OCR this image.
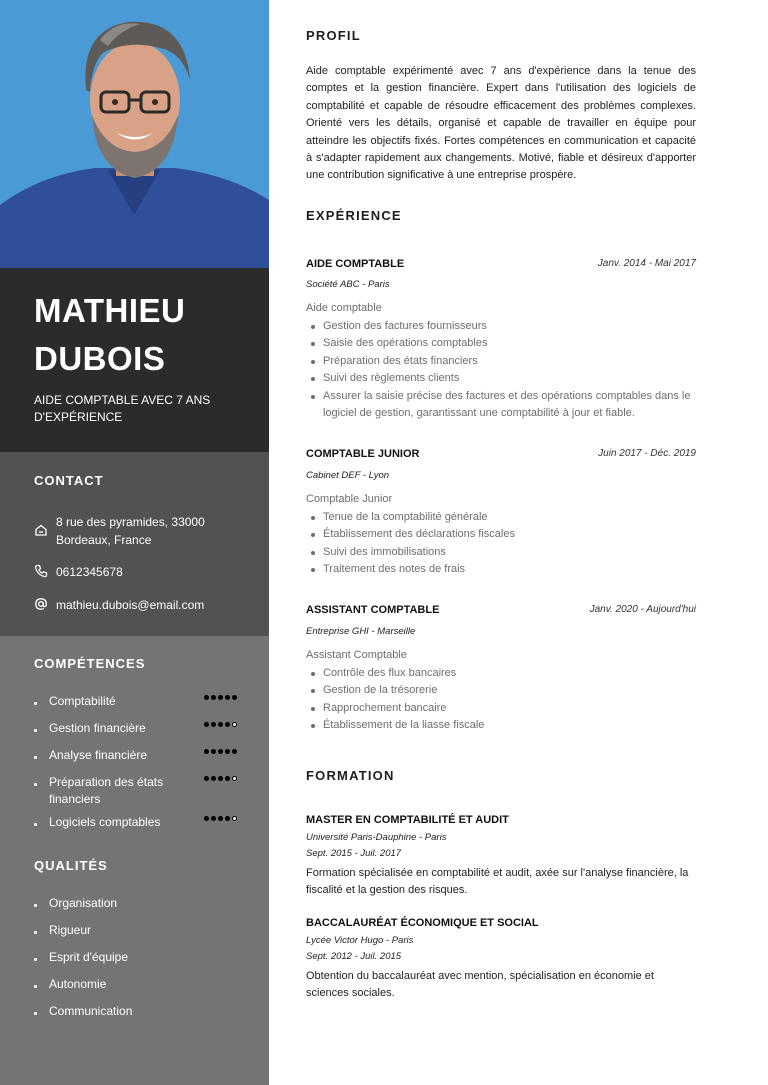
MATHIEU
DUBOIS
AIDE COMPTABLE AVEC 7 ANS D'EXPÉRIENCE
CONTACT
8 rue des pyramides, 33000 Bordeaux, France
0612345678
mathieu.dubois@email.com
COMPÉTENCES
Comptabilité
Gestion financière
Analyse financière
Préparation des états financiers
Logiciels comptables
QUALITÉS
Organisation
Rigueur
Esprit d'équipe
Autonomie
Communication
PROFIL
Aide comptable expérimenté avec 7 ans d'expérience dans la tenue des comptes et la gestion financière. Expert dans l'utilisation des logiciels de comptabilité et capable de résoudre efficacement des problèmes complexes. Orienté vers les détails, organisé et capable de travailler en équipe pour atteindre les objectifs fixés. Fortes compétences en communication et capacité à s'adapter rapidement aux changements. Motivé, fiable et désireux d'apporter une contribution significative à une entreprise prospère.
EXPÉRIENCE
AIDE COMPTABLE	Janv. 2014 - Mai 2017
Société ABC - Paris
Aide comptable
Gestion des factures fournisseurs
Saisie des opérations comptables
Préparation des états financiers
Suivi des règlements clients
Assurer la saisie précise des factures et des opérations comptables dans le logiciel de gestion, garantissant une comptabilité à jour et fiable.
COMPTABLE JUNIOR	Juin 2017 - Déc. 2019
Cabinet DEF - Lyon
Comptable Junior
Tenue de la comptabilité générale
Établissement des déclarations fiscales
Suivi des immobilisations
Traitement des notes de frais
ASSISTANT COMPTABLE	Janv. 2020 - Aujourd'hui
Entreprise GHI - Marseille
Assistant Comptable
Contrôle des flux bancaires
Gestion de la trésorerie
Rapprochement bancaire
Établissement de la liasse fiscale
FORMATION
MASTER EN COMPTABILITÉ ET AUDIT
Université Paris-Dauphine - Paris
Sept. 2015 - Juil. 2017
Formation spécialisée en comptabilité et audit, axée sur l'analyse financière, la fiscalité et la gestion des risques.
BACCALAURÉAT ÉCONOMIQUE ET SOCIAL
Lycée Victor Hugo - Paris
Sept. 2012 - Juil. 2015
Obtention du baccalauréat avec mention, spécialisation en économie et sciences sociales.
